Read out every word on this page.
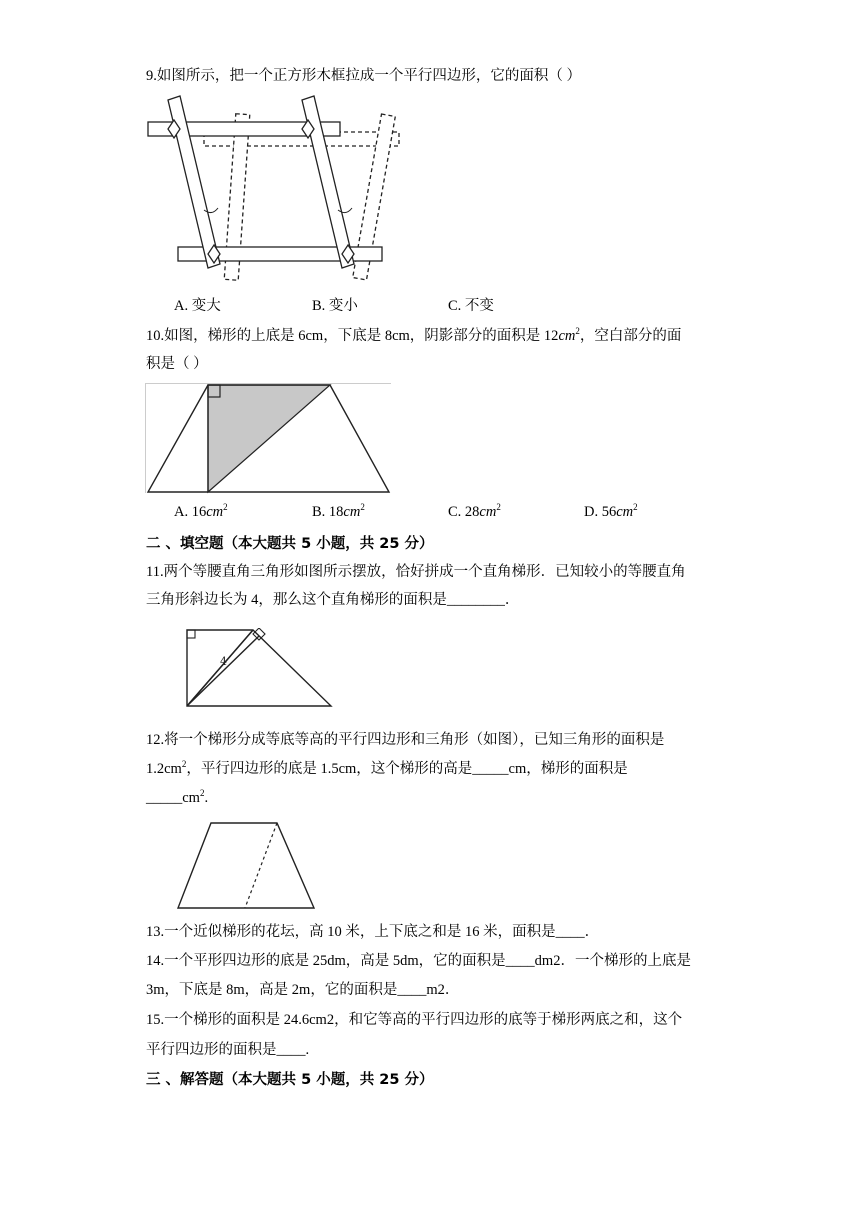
9.如图所示，把一个正方形木框拉成一个平行四边形，它的面积（ ）
A. 变大	B. 变小	C. 不变
10.如图，梯形的上底是 6cm，下底是 8cm，阴影部分的面积是 $12cm^2$，空白部分的面
积是（ ）
A. $16cm^2$	B. $18cm^2$	C. $28cm^2$	D. $56cm^2$
二 、填空题（本大题共 5 小题，共 25 分）
11.两个等腰直角三角形如图所示摆放，恰好拼成一个直角梯形．已知较小的等腰直角
三角形斜边长为 4，那么这个直角梯形的面积是________．
4
12.将一个梯形分成等底等高的平行四边形和三角形（如图），已知三角形的面积是
$1.2cm^2$，平行四边形的底是 1.5cm，这个梯形的高是_____cm，梯形的面积是
$\_\_\_\_\_cm^2$.
13.一个近似梯形的花坛，高 10 米，上下底之和是 16 米，面积是____．
14.一个平形四边形的底是 25dm，高是 5dm，它的面积是____dm2．一个梯形的上底是
3m，下底是 8m，高是 2m，它的面积是____m2．
15.一个梯形的面积是 24.6cm2，和它等高的平行四边形的底等于梯形两底之和，这个
平行四边形的面积是____.
三 、解答题（本大题共 5 小题，共 25 分）
